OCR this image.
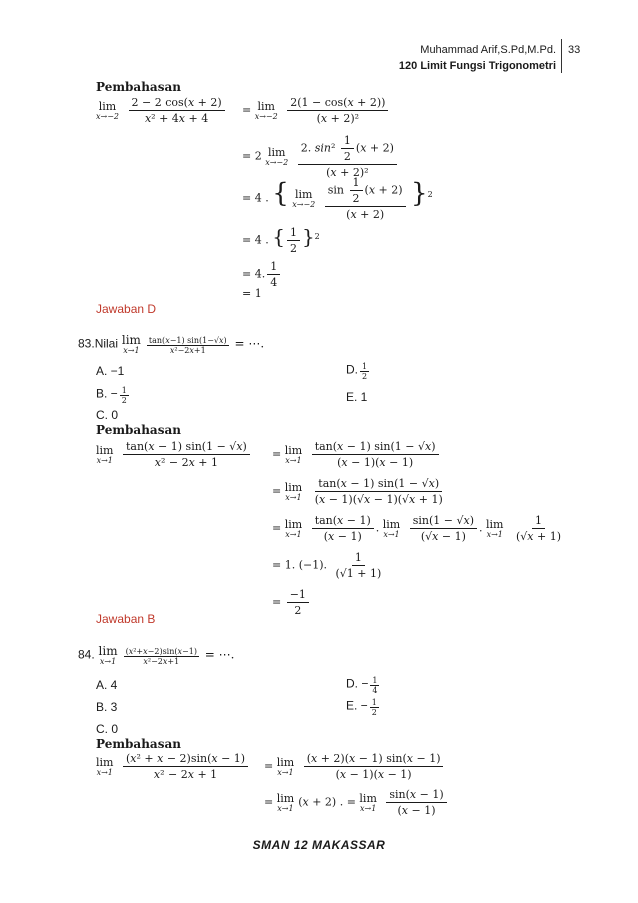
Muhammad Arif,S.Pd,M.Pd.
120 Limit Fungsi Trigonometri
33
Pembahasan
lim
x→−2
$\frac{2 - 2 \cos(x + 2)}{\text{x² + 4x + 4}} = \lim$
x→−2
$\frac{2(1 - \cos(x + 2))}{\text{(x + 2)²}}$
= 2 lim
x→−2
$\frac{2. \sin^2 \frac{1}{2} (x + 2)}{\text{(x + 2)²}}$
= 4 . { lim
x→−2
$\frac{\sin \frac{1}{2} (x + 2)}{(x + 2)} \}^2$
= 4 . { $\frac{1}{2} \}^2$
= 4. $\frac{1}{4}$
= 1
Jawaban D
83.Nilai lim
$x\to 1 \frac{\tan(x-1) \sin(1-√x)}{\text{x²−2x+1}}$ = ⋯.
A. −1	D. $\frac{1}{2}$
B. − $\frac{1}{2}$	E. 1
C. 0
Pembahasan
lim
x→1
$\frac{\tan(x - 1) \sin(1 - √x)}{\text{x² − 2x + 1}} = \lim$
x→1
$\frac{\tan(x - 1) \sin(1 - √x)}{(x - 1)(x - 1)}$
= lim
x→1
$\frac{\tan(x - 1) \sin(1 - √x)}{(x - 1)(√x - 1)(√x + 1)}$
= lim
x→1
$\frac{\tan(x - 1)}{(x - 1)}$ . lim
x→1
$\frac{\sin(1 - √x)}{(√x - 1)}$ . lim
x→1
$\frac{1}{(√x + 1)}$
= 1. (−1). $\frac{1}{(√1 + 1)}$
= $\frac{-1}{2}$
Jawaban B
84. lim
$x\to 1 \frac{\text{(x²+x−2)sin(x−1)}}{\text{x²−2x+1}}$ = ⋯.
A. 4	D. − $\frac{1}{4}$
B. 3	E. − $\frac{1}{2}$
C. 0
Pembahasan
lim
x→1
$\frac{\text{(x² + x − 2)sin(x − 1)}}{\text{x² − 2x + 1}} = \lim$
x→1
$\frac{(x + 2)(x - 1) \sin(x - 1)}{(x - 1)(x - 1)}$
= lim
x→1 (x + 2) . = lim
x→1
$\frac{\sin(x - 1)}{(x - 1)}$
SMAN 12 MAKASSAR
